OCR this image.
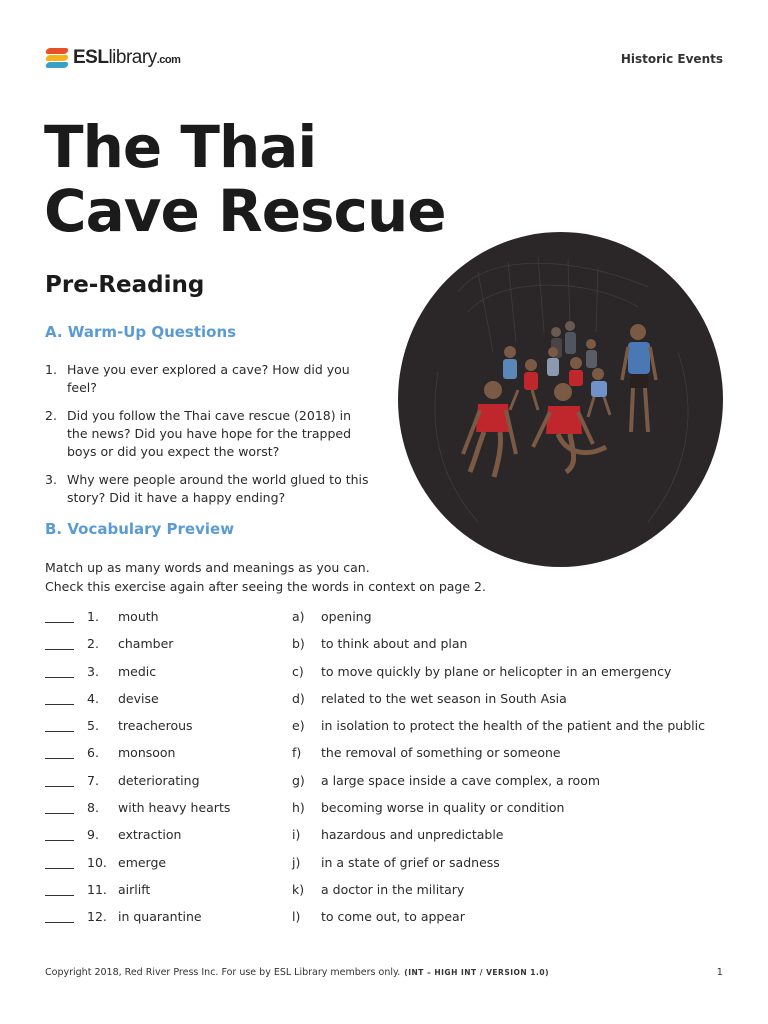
ESLlibrary.com	Historic Events
The Thai
Cave Rescue
Pre-Reading
A. Warm-Up Questions
1. Have you ever explored a cave? How did you feel?
2. Did you follow the Thai cave rescue (2018) in the news? Did you have hope for the trapped boys or did you expect the worst?
3. Why were people around the world glued to this story? Did it have a happy ending?
B. Vocabulary Preview
Match up as many words and meanings as you can.
Check this exercise again after seeing the words in context on page 2.
1. mouth	a) opening
2. chamber	b) to think about and plan
3. medic	c) to move quickly by plane or helicopter in an emergency
4. devise	d) related to the wet season in South Asia
5. treacherous	e) in isolation to protect the health of the patient and the public
6. monsoon	f) the removal of something or someone
7. deteriorating	g) a large space inside a cave complex, a room
8. with heavy hearts	h) becoming worse in quality or condition
9. extraction	i) hazardous and unpredictable
10. emerge	j) in a state of grief or sadness
11. airlift	k) a doctor in the military
12. in quarantine	l) to come out, to appear
Copyright 2018, Red River Press Inc. For use by ESL Library members only. (INT – HIGH INT / VERSION 1.0)	1
